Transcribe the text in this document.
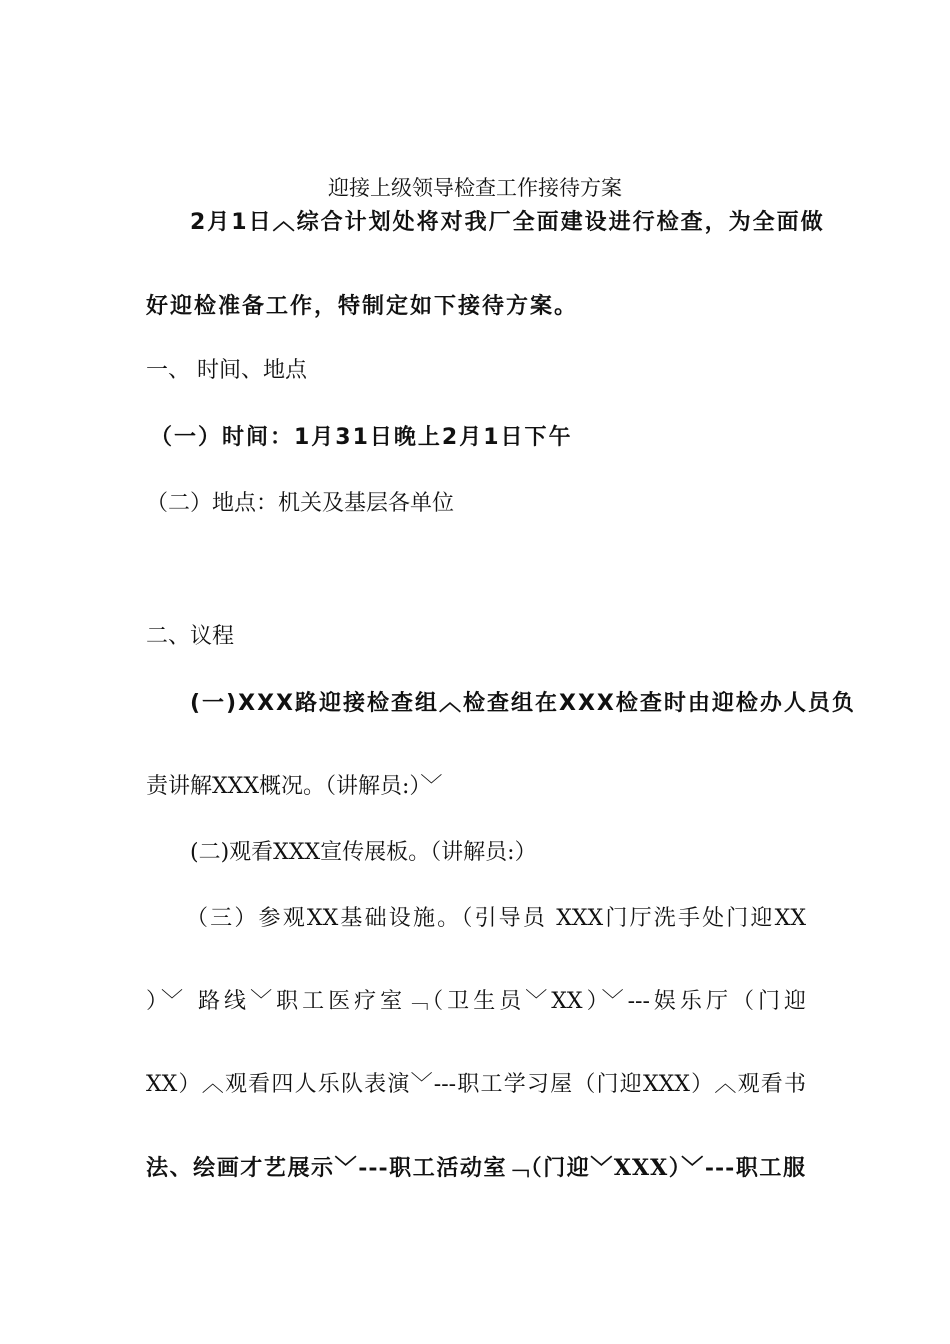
迎接上级领导检查工作接待方案
2月1日︿综合计划处将对我厂全面建设进行检查，为全面做
好迎检准备工作，特制定如下接待方案。
一、 时间、地点
（一）时间：1月31日晚上2月1日下午
（二）地点：机关及基层各单位
二、议程
(一)XXX路迎接检查组︿检查组在XXX检查时由迎检办人员负
责讲解XXX概况。（讲解员:）﹀
(二)观看XXX宣传展板。（讲解员:）
（三）参观XX基础设施。（引导员 XXX门厅洗手处门迎XX
）﹀ 路线﹀职工医疗室﹁（卫生员﹀XX）﹀---娱乐厅（门迎
XX）︿观看四人乐队表演﹀---职工学习屋（门迎XXX）︿观看书
法、绘画才艺展示﹀---职工活动室﹁（门迎﹀XXX）﹀---职工服
